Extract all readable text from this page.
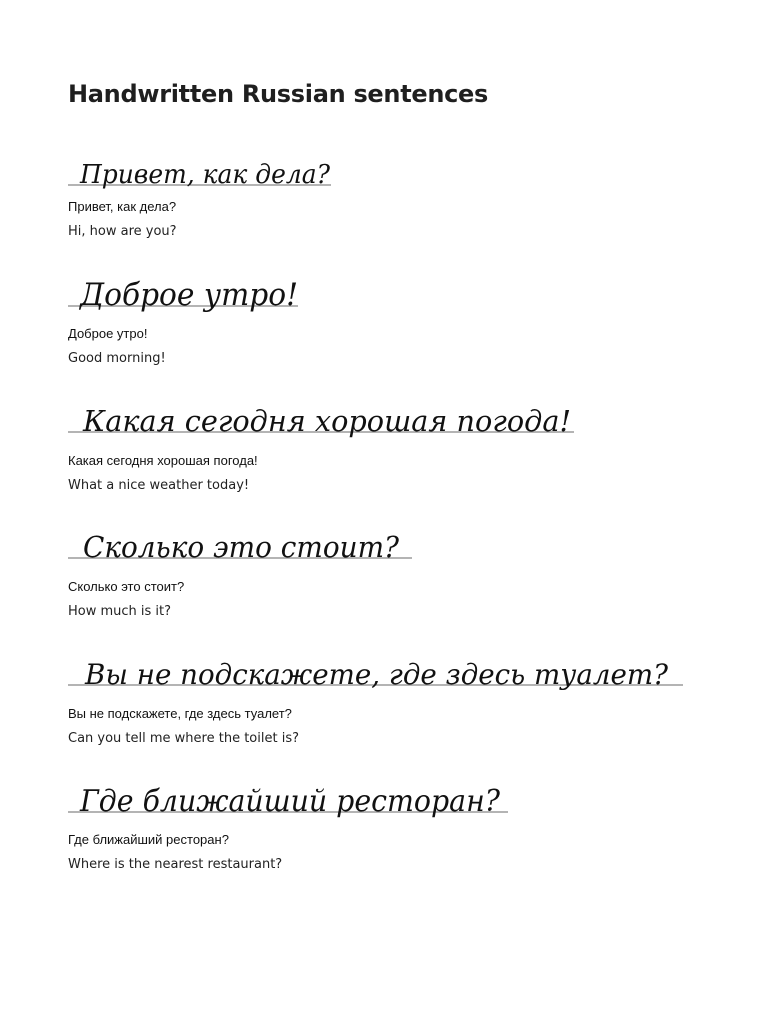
Handwritten Russian sentences
Привет, как дела?

Привет, как дела?

Hi, how are you?

Доброе утро!

Доброе утро!

Good morning!

Какая сегодня хорошая погода!

Какая сегодня хорошая погода!

What a nice weather today!

Сколько это стоит?

Сколько это стоит?

How much is it?

Вы не подскажете, где здесь туалет?

Вы не подскажете, где здесь туалет?

Can you tell me where the toilet is?

Где ближайший ресторан?

Где ближайший ресторан?

Where is the nearest restaurant?
